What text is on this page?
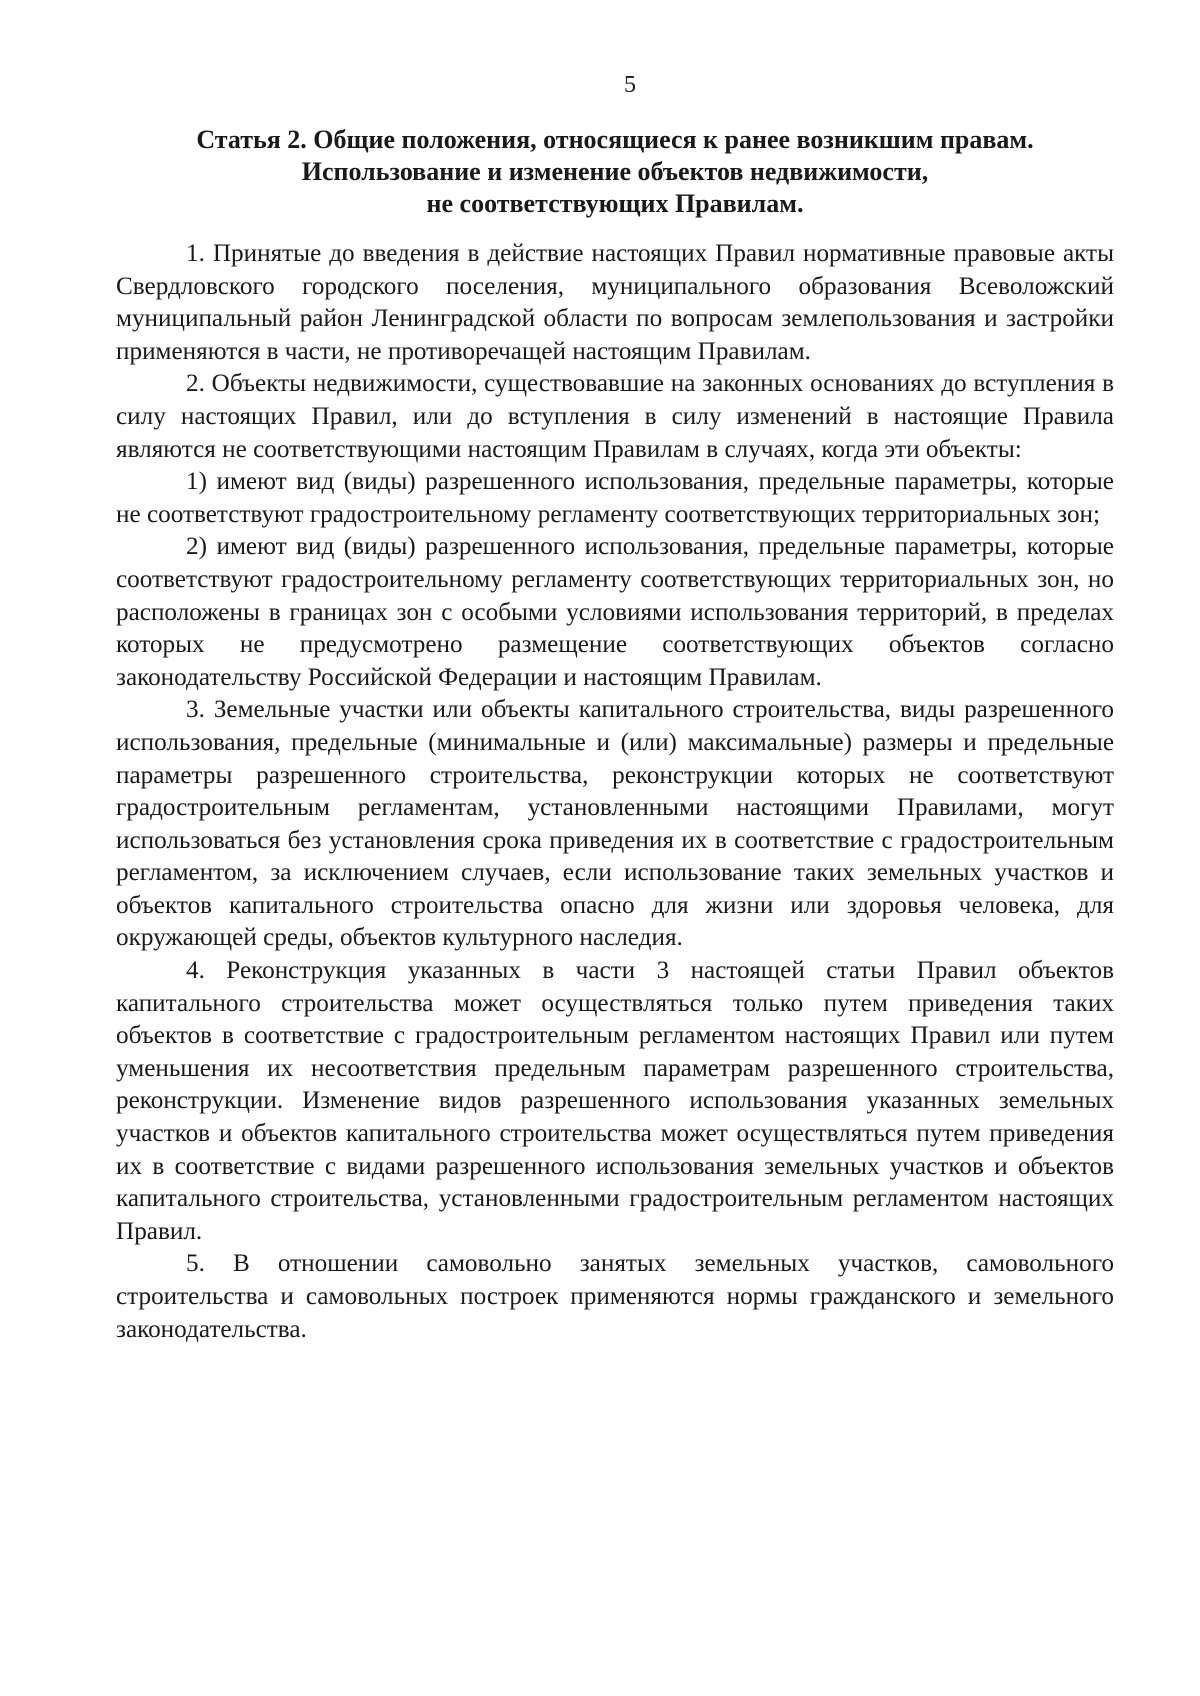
5
Статья 2. Общие положения, относящиеся к ранее возникшим правам.
Использование и изменение объектов недвижимости,
не соответствующих Правилам.

1. Принятые до введения в действие настоящих Правил нормативные правовые акты Свердловского городского поселения, муниципального образования Всеволожский муниципальный район Ленинградской области по вопросам землепользования и застройки применяются в части, не противоречащей настоящим Правилам.

2. Объекты недвижимости, существовавшие на законных основаниях до вступления в силу настоящих Правил, или до вступления в силу изменений в настоящие Правила являются не соответствующими настоящим Правилам в случаях, когда эти объекты:

1) имеют вид (виды) разрешенного использования, предельные параметры, которые не соответствуют градостроительному регламенту соответствующих территориальных зон;

2) имеют вид (виды) разрешенного использования, предельные параметры, которые соответствуют градостроительному регламенту соответствующих территориальных зон, но расположены в границах зон с особыми условиями использования территорий, в пределах которых не предусмотрено размещение соответствующих объектов согласно законодательству Российской Федерации и настоящим Правилам.

3. Земельные участки или объекты капитального строительства, виды разрешенного использования, предельные (минимальные и (или) максимальные) размеры и предельные параметры разрешенного строительства, реконструкции которых не соответствуют градостроительным регламентам, установленными настоящими Правилами, могут использоваться без установления срока приведения их в соответствие с градостроительным регламентом, за исключением случаев, если использование таких земельных участков и объектов капитального строительства опасно для жизни или здоровья человека, для окружающей среды, объектов культурного наследия.

4. Реконструкция указанных в части 3 настоящей статьи Правил объектов капитального строительства может осуществляться только путем приведения таких объектов в соответствие с градостроительным регламентом настоящих Правил или путем уменьшения их несоответствия предельным параметрам разрешенного строительства, реконструкции. Изменение видов разрешенного использования указанных земельных участков и объектов капитального строительства может осуществляться путем приведения их в соответствие с видами разрешенного использования земельных участков и объектов капитального строительства, установленными градостроительным регламентом настоящих Правил.

5. В отношении самовольно занятых земельных участков, самовольного строительства и самовольных построек применяются нормы гражданского и земельного законодательства.
